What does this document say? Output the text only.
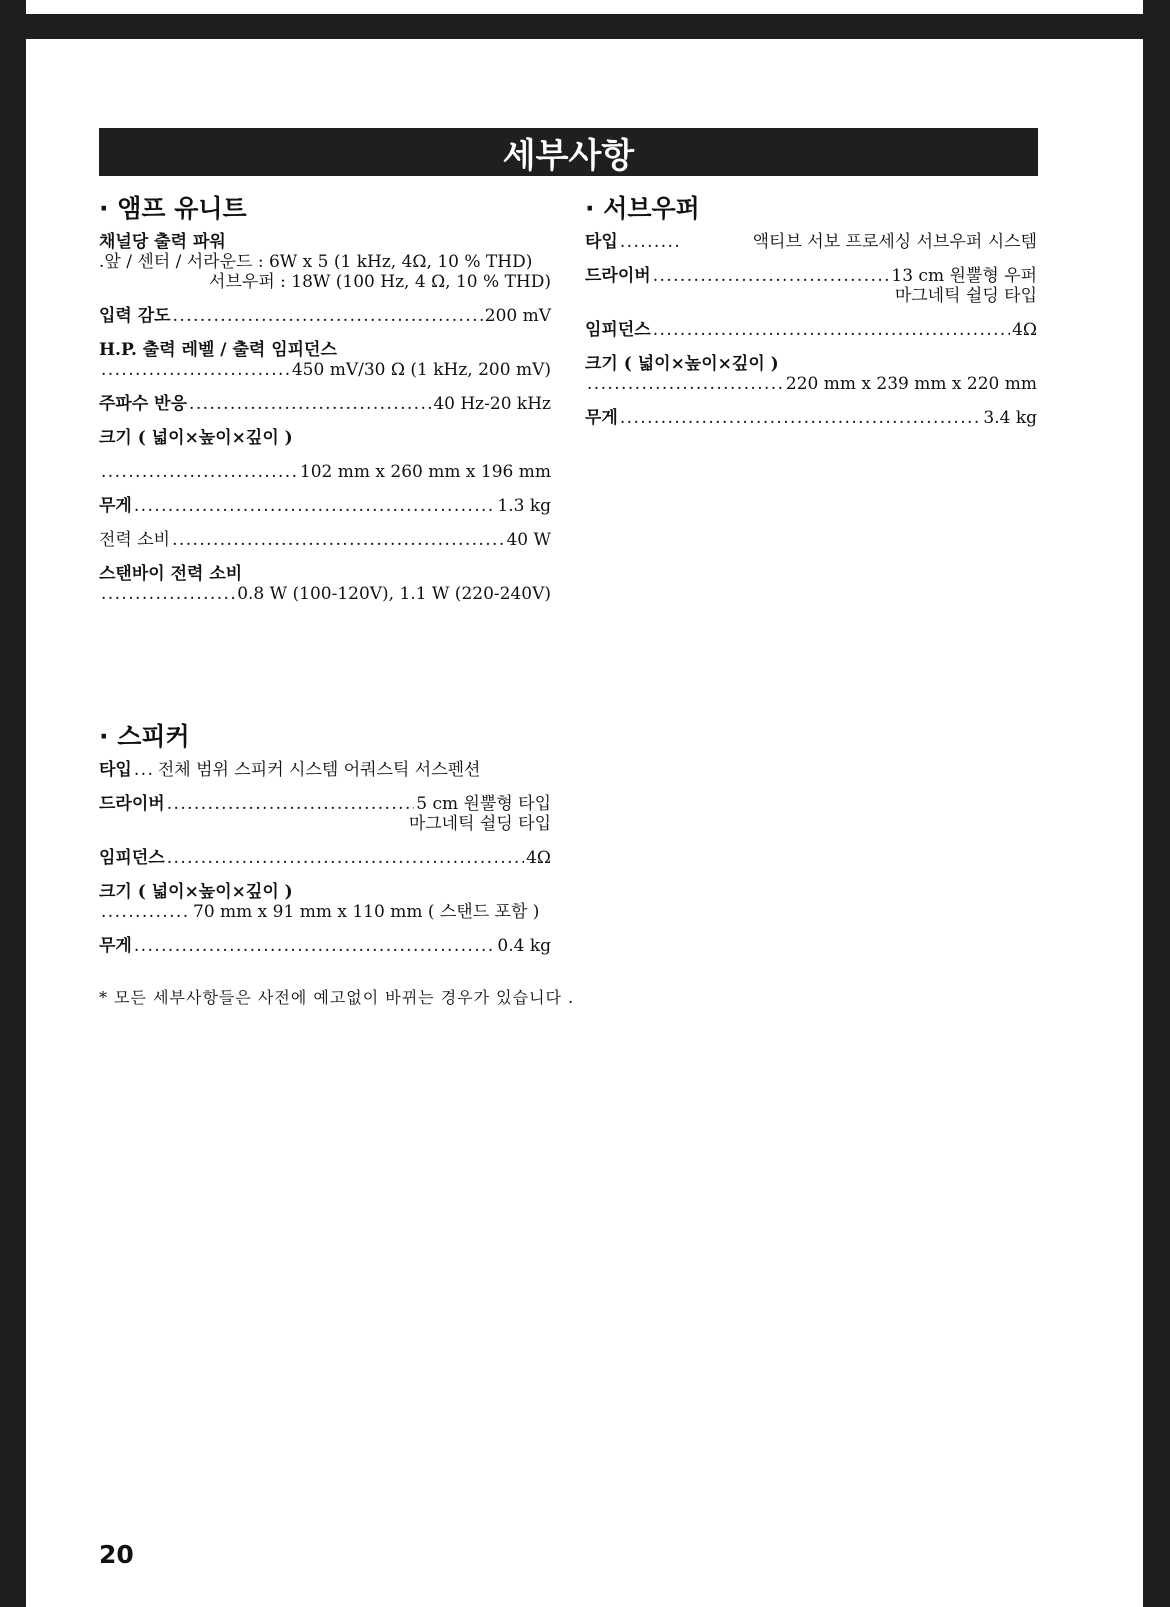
세부사항
· 앰프 유니트
채널당 출력 파워
.앞 / 센터 / 서라운드 : 6W x 5 (1 kHz, 4Ω, 10 % THD)
서브우퍼 : 18W (100 Hz, 4 Ω, 10 % THD)
입력 감도 . . .	200 mV
H.P. 출력 레벨 / 출력 임피던스
. . .
450 mV/30 Ω (1 kHz, 200 mV)
주파수 반응 . . .	40 Hz-20 kHz
크기 ( 넓이×높이×깊이 )
. . .
102 mm x 260 mm x 196 mm
무게 . . .	1.3 kg
전력 소비 . . .	40 W
스탠바이 전력 소비
. . .
0.8 W (100-120V), 1.1 W (220-240V)
· 서브우퍼
타입 . . .	액티브 서보 프로세싱 서브우퍼 시스템
드라이버 . . .	13 cm 원뿔형 우퍼
마그네틱 쉴딩 타입
임피던스 . . .	4Ω
크기 ( 넓이×높이×깊이 )
. . .
220 mm x 239 mm x 220 mm
무게 . . .	3.4 kg
· 스피커
타입 . . . 전체 범위 스피커 시스템 어쿼스틱 서스펜션
드라이버 . . .	5 cm 원뿔형 타입
마그네틱 쉴딩 타입
임피던스 . . .	4Ω
크기 ( 넓이×높이×깊이 )
. . .
70 mm x 91 mm x 110 mm ( 스탠드 포함 )
무게 . . .	0.4 kg
* 모든 세부사항들은 사전에 예고없이 바뀌는 경우가 있습니다 .
20
